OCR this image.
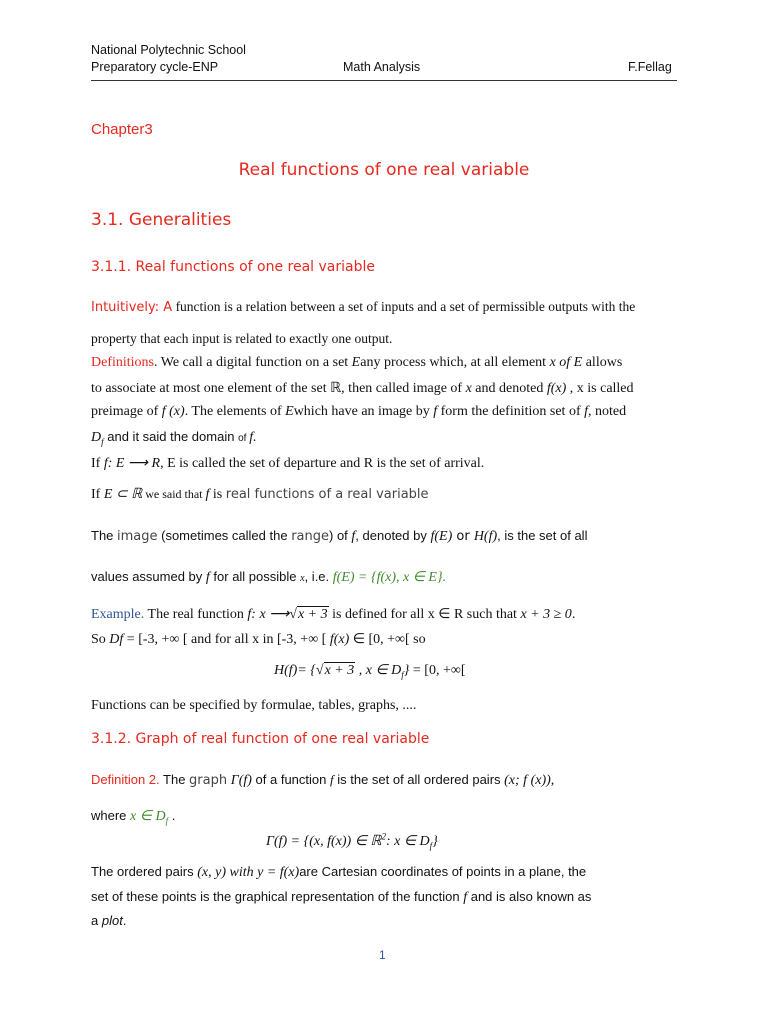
National Polytechnic School
Preparatory cycle-ENP	Math Analysis	F.Fellag
Chapter3
Real functions of one real variable
3.1. Generalities
3.1.1. Real functions of one real variable
Intuitively: A function is a relation between a set of inputs and a set of permissible outputs with the
property that each input is related to exactly one output.
Definitions. We call a digital function on a set Eany process which, at all element x of E allows
to associate at most one element of the set ℝ, then called image of x and denoted f(x) , x is called
preimage of f (x). The elements of Ewhich have an image by f form the definition set of f, noted
$D_f$ and it said the domain of f.
If f: E ⟶ R, E is called the set of departure and R is the set of arrival.
If E ⊂ ℝ we said that f is real functions of a real variable
The image (sometimes called the range) of f, denoted by f(E) or H(f), is the set of all
values assumed by f for all possible x, i.e. f(E) = {f(x), x ∈ E}.
Example. The real function f: x ⟶√x + 3 is defined for all x ∈ R such that x + 3 ≥ 0.
So Df = [-3, +∞ [ and for all x in [-3, +∞ [ f(x) ∈ [0, +∞[ so
H(f)= {√x + 3 , x ∈ $D_f\} = [0$, +∞[
Functions can be specified by formulae, tables, graphs, ....
3.1.2. Graph of real function of one real variable
Definition 2. The graph Γ(f) of a function f is the set of all ordered pairs (x; f (x)),
where x ∈ $D_f$ .
Γ(f) = {(x, f(x)) ∈ ℝ$^2$: x ∈ $D_f$}
The ordered pairs (x, y) with y = f(x)are Cartesian coordinates of points in a plane, the
set of these points is the graphical representation of the function f and is also known as
a plot.
1
